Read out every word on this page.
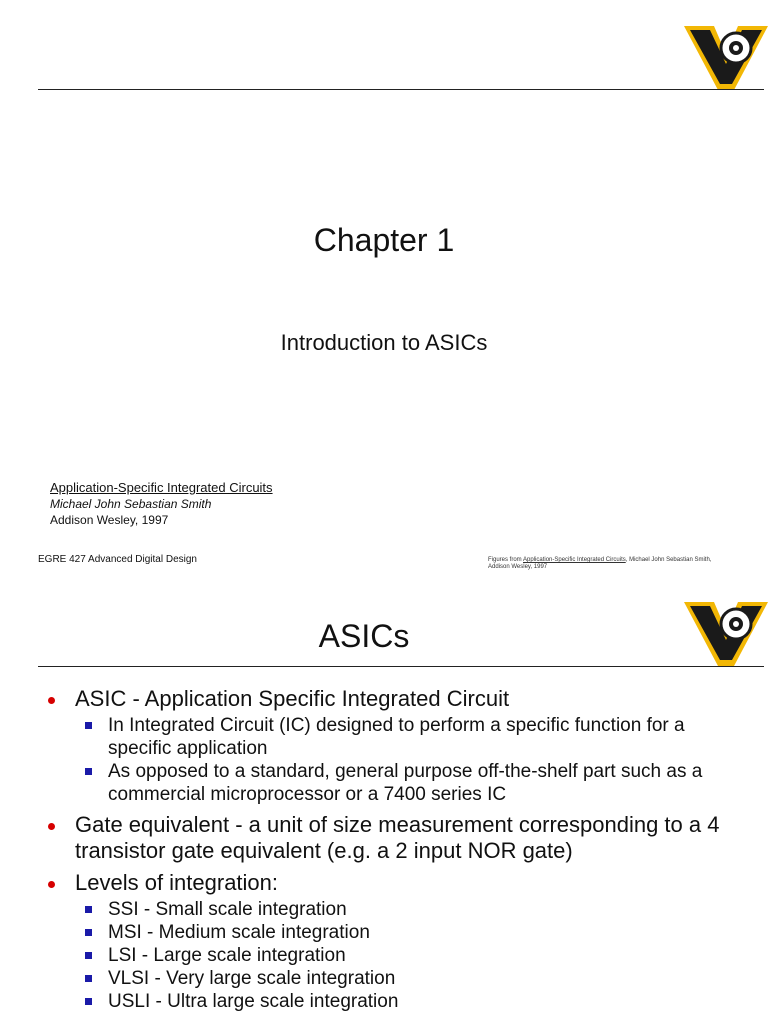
Chapter 1
Introduction to ASICs
Application-Specific Integrated Circuits
Michael John Sebastian Smith
Addison Wesley, 1997
EGRE 427 Advanced Digital Design	Figures from Application-Specific Integrated Circuits, Michael John Sebastian Smith, Addison Wesley, 1997
ASICs
ASIC - Application Specific Integrated Circuit
In Integrated Circuit (IC) designed to perform a specific function for a specific application
As opposed to a standard, general purpose off-the-shelf part such as a commercial microprocessor or a 7400 series IC
Gate equivalent - a unit of size measurement corresponding to a 4 transistor gate equivalent (e.g. a 2 input NOR gate)
Levels of integration:
SSI - Small scale integration
MSI - Medium scale integration
LSI - Large scale integration
VLSI - Very large scale integration
USLI - Ultra large scale integration
